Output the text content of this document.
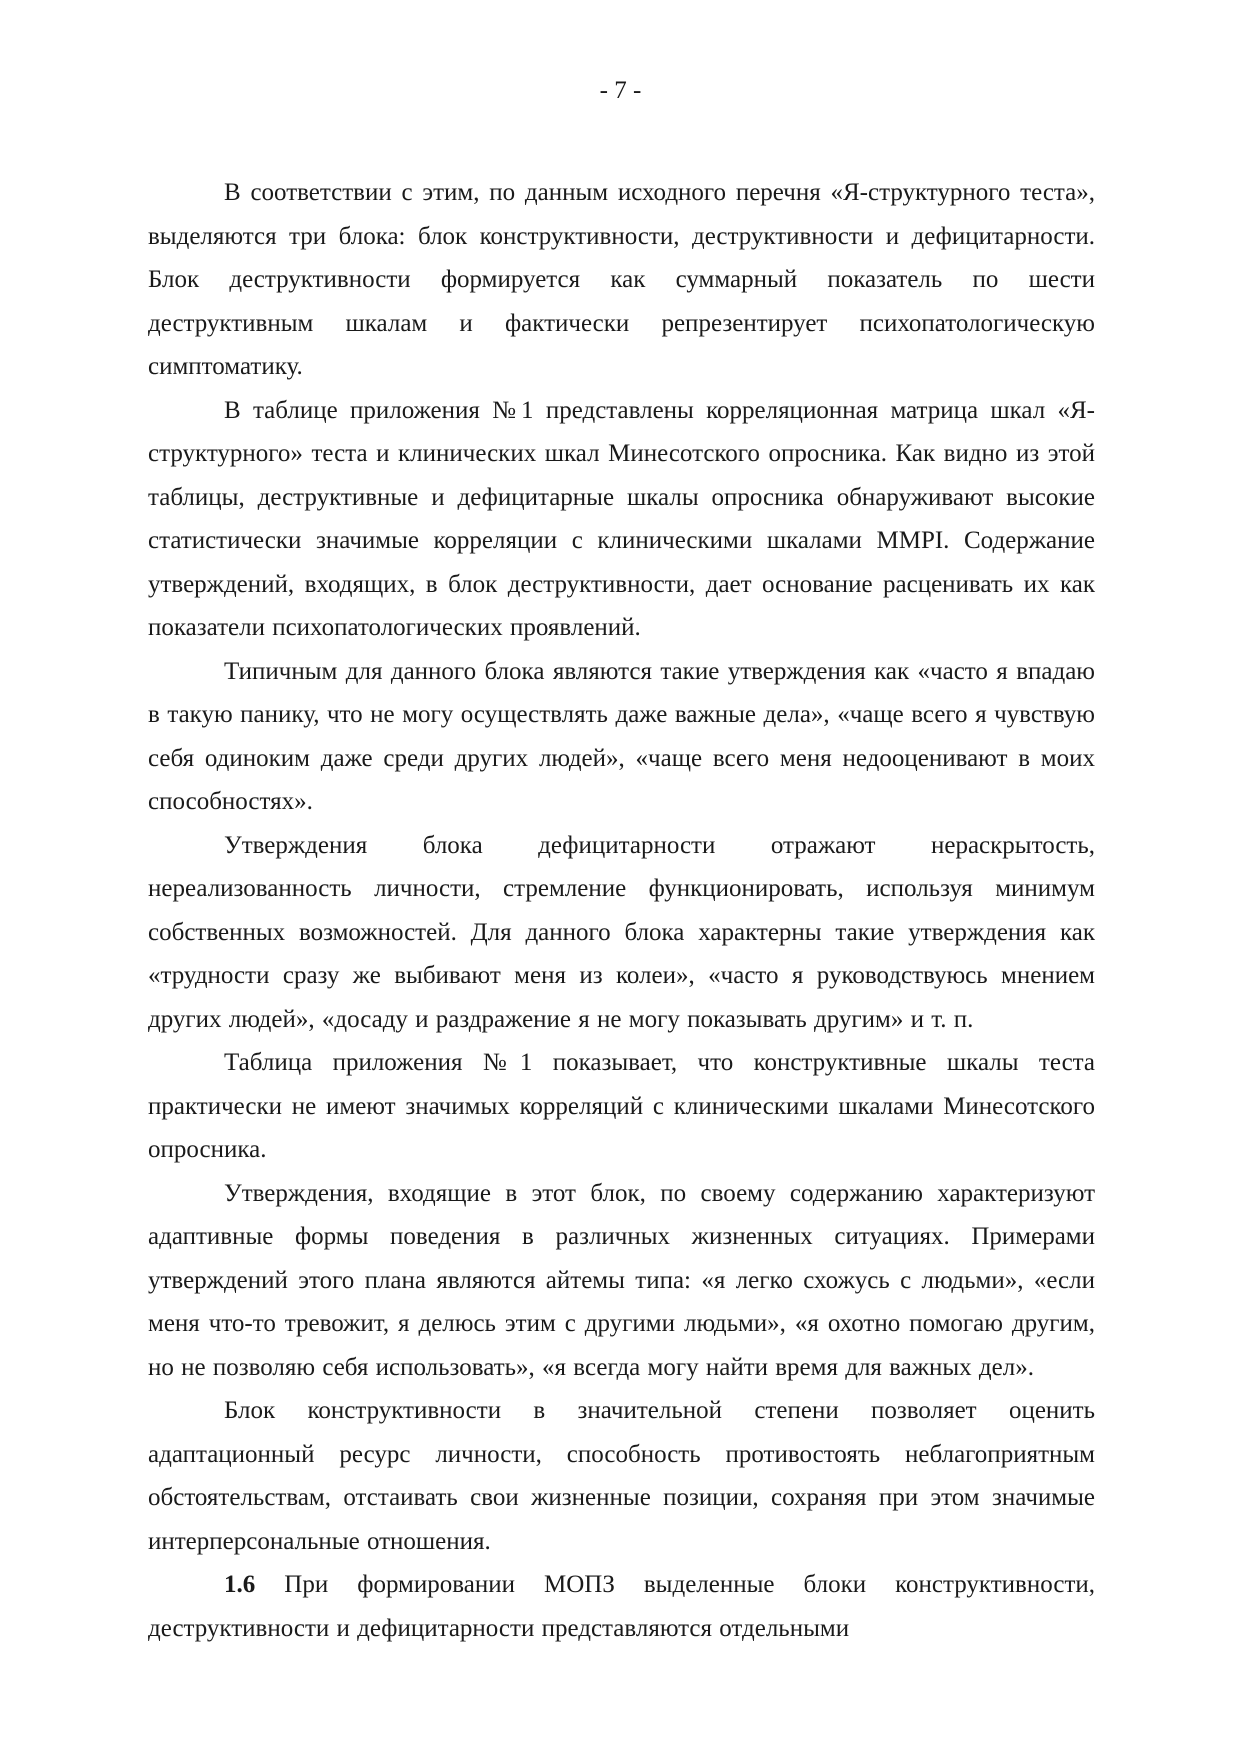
- 7 -

В соответствии с этим, по данным исходного перечня «Я-структурного теста», выделяются три блока: блок конструктивности, деструктивности и дефицитарности. Блок деструктивности формируется как суммарный показатель по шести деструктивным шкалам и фактически репрезентирует психопатологическую симптоматику.

В таблице приложения №1 представлены корреляционная матрица шкал «Я-структурного» теста и клинических шкал Минесотского опросника. Как видно из этой таблицы, деструктивные и дефицитарные шкалы опросника обнаруживают высокие статистически значимые корреляции с клиническими шкалами MMPI. Содержание утверждений, входящих, в блок деструктивности, дает основание расценивать их как показатели психопатологических проявлений.

Типичным для данного блока являются такие утверждения как «часто я впадаю в такую панику, что не могу осуществлять даже важные дела», «чаще всего я чувствую себя одиноким даже среди других людей», «чаще всего меня недооценивают в моих способностях».

Утверждения блока дефицитарности отражают нераскрытость, нереализованность личности, стремление функционировать, используя минимум собственных возможностей. Для данного блока характерны такие утверждения как «трудности сразу же выбивают меня из колеи», «часто я руководствуюсь мнением других людей», «досаду и раздражение я не могу показывать другим» и т. п.

Таблица приложения №1 показывает, что конструктивные шкалы теста практически не имеют значимых корреляций с клиническими шкалами Минесотского опросника.

Утверждения, входящие в этот блок, по своему содержанию характеризуют адаптивные формы поведения в различных жизненных ситуациях. Примерами утверждений этого плана являются айтемы типа: «я легко схожусь с людьми», «если меня что-то тревожит, я делюсь этим с другими людьми», «я охотно помогаю другим, но не позволяю себя использовать», «я всегда могу найти время для важных дел».

Блок конструктивности в значительной степени позволяет оценить адаптационный ресурс личности, способность противостоять неблагоприятным обстоятельствам, отстаивать свои жизненные позиции, сохраняя при этом значимые интерперсональные отношения.

1.6 При формировании МОПЗ выделенные блоки конструктивности, деструктивности и дефицитарности представляются отдельными
